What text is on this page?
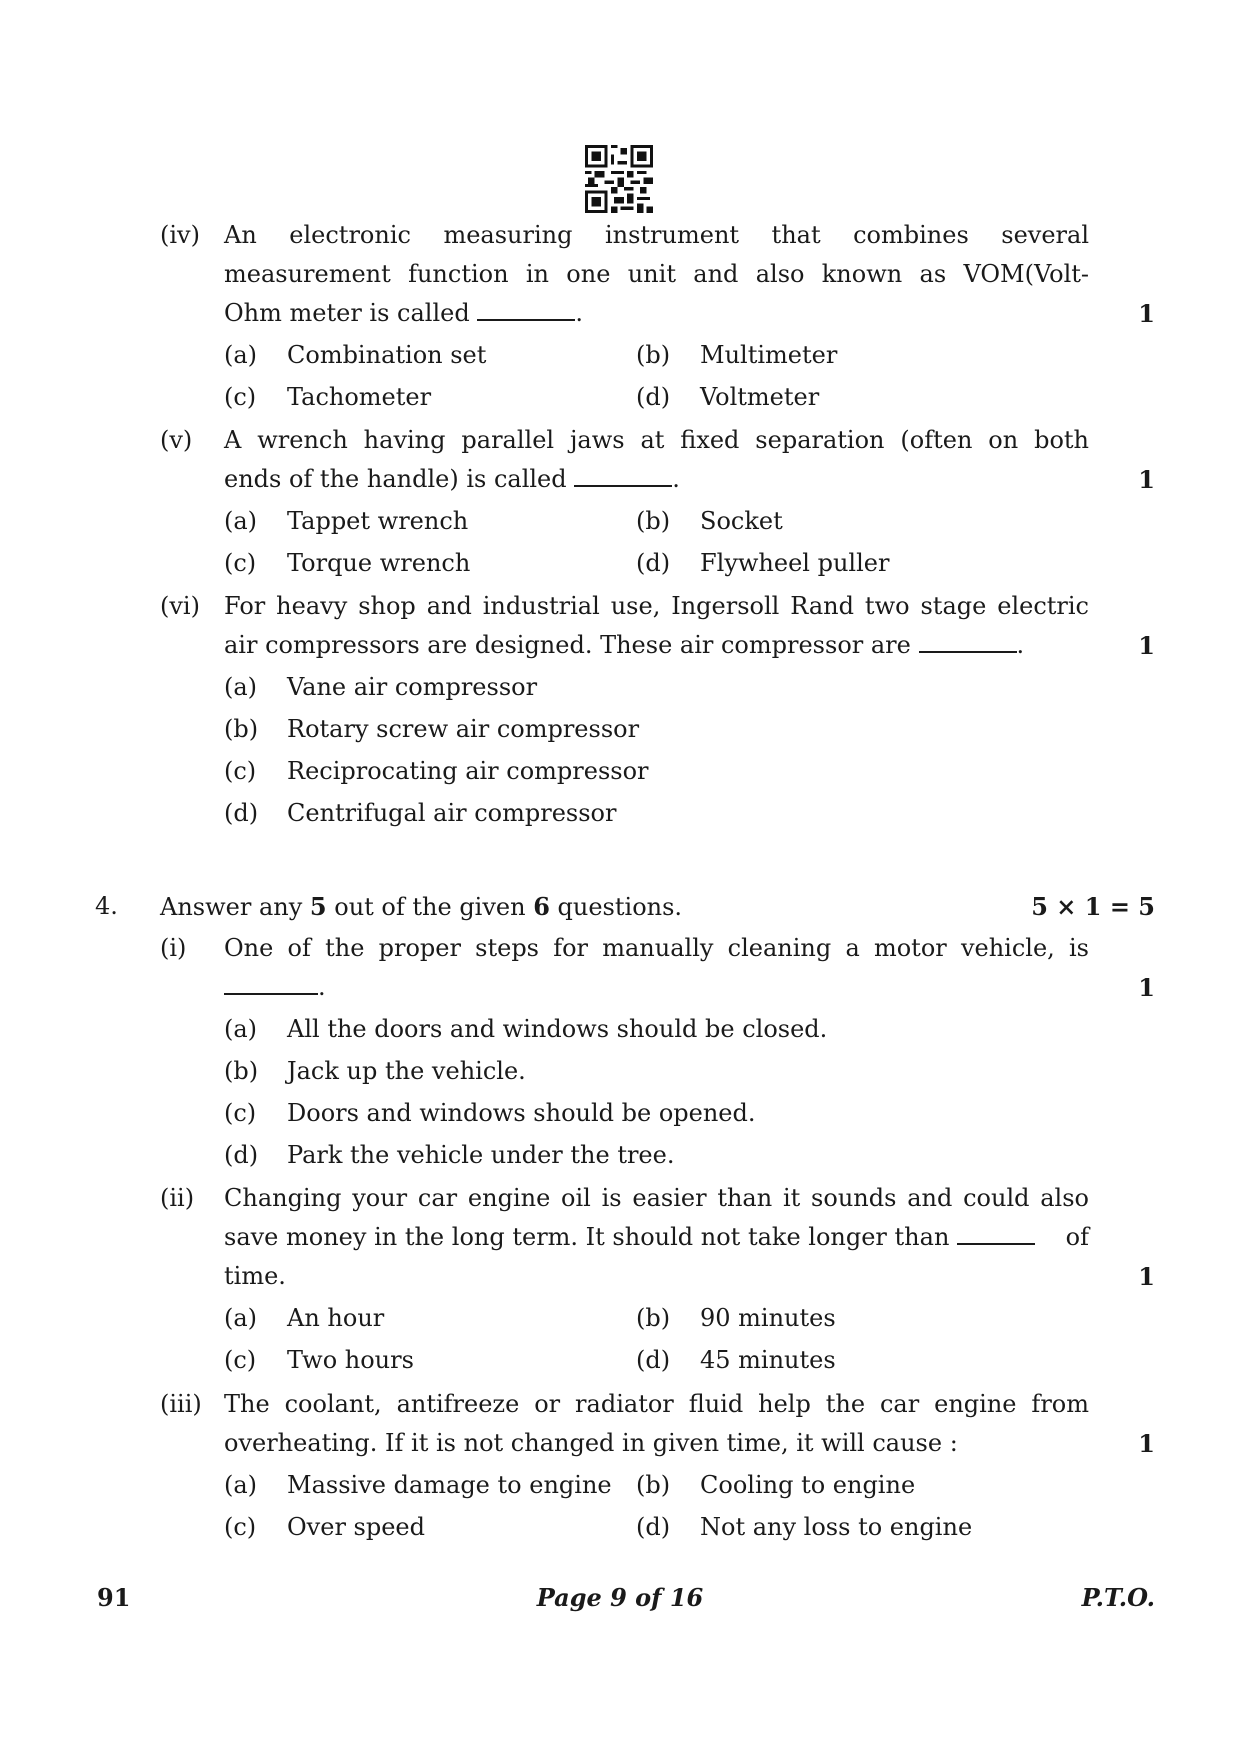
(iv)	An electronic measuring instrument that combines several
measurement function in one unit and also known as VOM(Volt-
Ohm meter is called	.	1
(a) Combination set	(b) Multimeter
(c) Tachometer	(d) Voltmeter
(v)	A wrench having parallel jaws at fixed separation (often on both
ends of the handle) is called	.	1
(a) Tappet wrench	(b) Socket
(c) Torque wrench	(d) Flywheel puller
(vi)	For heavy shop and industrial use, Ingersoll Rand two stage electric
air compressors are designed. These air compressor are	.	1
(a) Vane air compressor
(b) Rotary screw air compressor
(c) Reciprocating air compressor
(d) Centrifugal air compressor
4.	Answer any 5 out of the given 6 questions.	5 × 1 = 5
(i)	One of the proper steps for manually cleaning a motor vehicle, is
.	1
(a) All the doors and windows should be closed.
(b) Jack up the vehicle.
(c) Doors and windows should be opened.
(d) Park the vehicle under the tree.
(ii)	Changing your car engine oil is easier than it sounds and could also
save money in the long term. It should not take longer than	of
time.	1
(a) An hour	(b) 90 minutes
(c) Two hours	(d) 45 minutes
(iii) The coolant, antifreeze or radiator fluid help the car engine from
overheating. If it is not changed in given time, it will cause :	1
(a) Massive damage to engine (b) Cooling to engine
(c) Over speed	(d) Not any loss to engine
91	Page 9 of 16	P.T.O.
